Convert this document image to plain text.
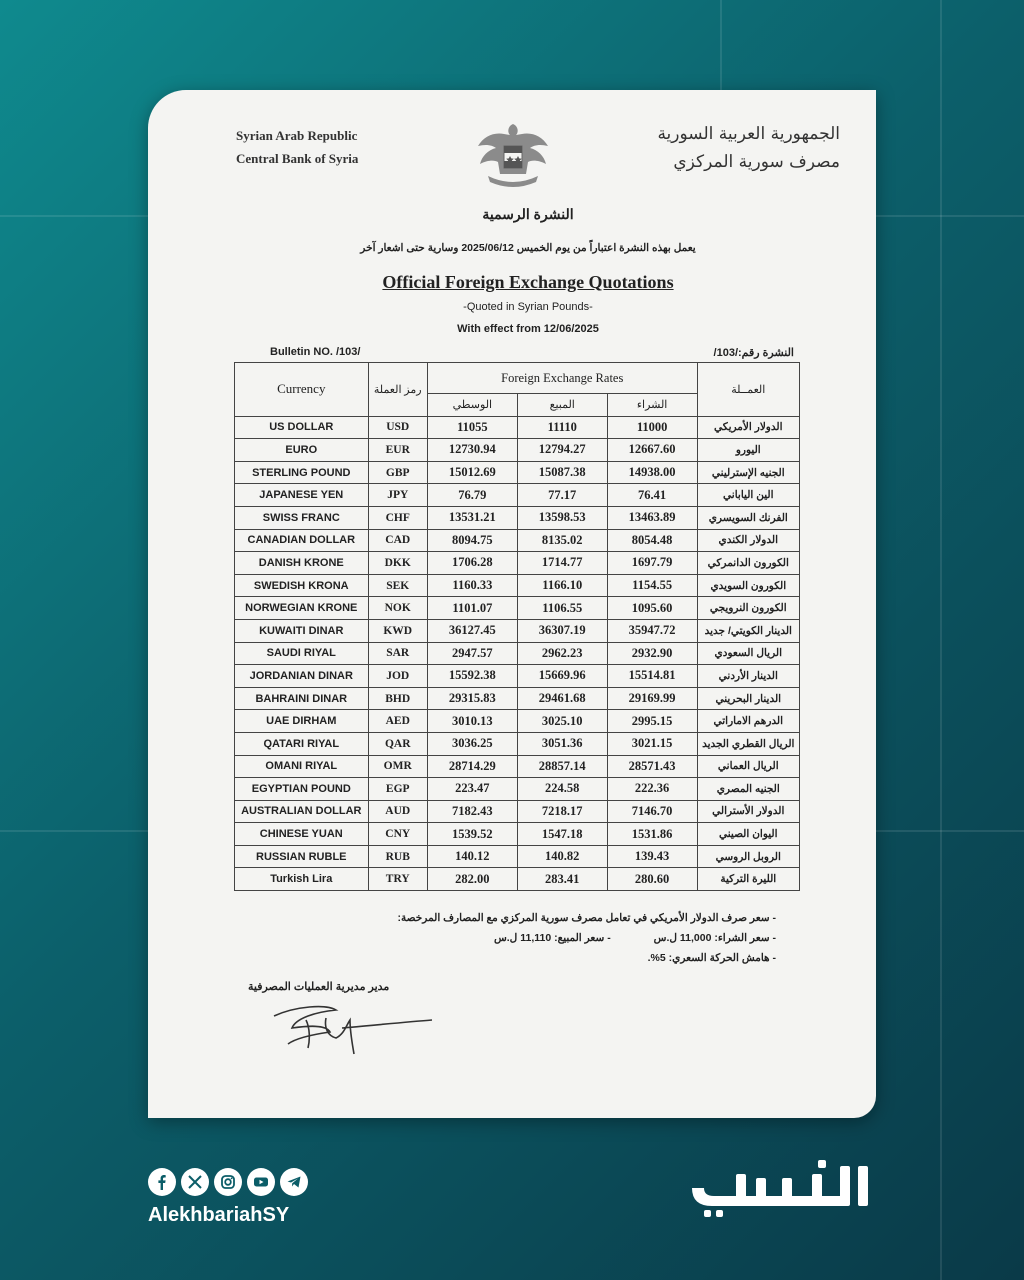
Syrian Arab Republic
Central Bank of Syria
الجمهورية العربية السورية
مصرف سورية المركزي
النشرة الرسمية
يعمل بهذه النشرة اعتباراً من يوم الخميس 2025/06/12 وسارية حتى اشعار آخر
Official Foreign Exchange Quotations
-Quoted in Syrian Pounds-
With effect from 12/06/2025
Bulletin NO. /103/	النشرة رقم:/103/
Currency	رمز العملة	Foreign Exchange Rates			العمــلة
		الوسطي	المبيع	الشراء	
US DOLLAR	USD	11055	11110	11000	الدولار الأمريكي
EURO	EUR	12730.94	12794.27	12667.60	اليورو
STERLING POUND	GBP	15012.69	15087.38	14938.00	الجنيه الإسترليني
JAPANESE YEN	JPY	76.79	77.17	76.41	الين الياباني
SWISS FRANC	CHF	13531.21	13598.53	13463.89	الفرنك السويسري
CANADIAN DOLLAR	CAD	8094.75	8135.02	8054.48	الدولار الكندي
DANISH KRONE	DKK	1706.28	1714.77	1697.79	الكورون الدانمركي
SWEDISH KRONA	SEK	1160.33	1166.10	1154.55	الكورون السويدي
NORWEGIAN KRONE	NOK	1101.07	1106.55	1095.60	الكورون النرويجي
KUWAITI DINAR	KWD	36127.45	36307.19	35947.72	الدينار الكويتي/ جديد
SAUDI RIYAL	SAR	2947.57	2962.23	2932.90	الريال السعودي
JORDANIAN DINAR	JOD	15592.38	15669.96	15514.81	الدينار الأردني
BAHRAINI DINAR	BHD	29315.83	29461.68	29169.99	الدينار البحريني
UAE DIRHAM	AED	3010.13	3025.10	2995.15	الدرهم الاماراتي
QATARI RIYAL	QAR	3036.25	3051.36	3021.15	الريال القطري الجديد
OMANI RIYAL	OMR	28714.29	28857.14	28571.43	الريال العماني
EGYPTIAN POUND	EGP	223.47	224.58	222.36	الجنيه المصري
AUSTRALIAN DOLLAR	AUD	7182.43	7218.17	7146.70	الدولار الأسترالي
CHINESE YUAN	CNY	1539.52	1547.18	1531.86	اليوان الصيني
RUSSIAN RUBLE	RUB	140.12	140.82	139.43	الروبل الروسي
Turkish Lira	TRY	282.00	283.41	280.60	الليرة التركية
- سعر صرف الدولار الأمريكي في تعامل مصرف سورية المركزي مع المصارف المرخصة:
- سعر الشراء: 11,000 ل.س - سعر المبيع: 11,110 ل.س
- هامش الحركة السعري: 5%.
مدير مديرية العمليات المصرفية
AlekhbariahSY
